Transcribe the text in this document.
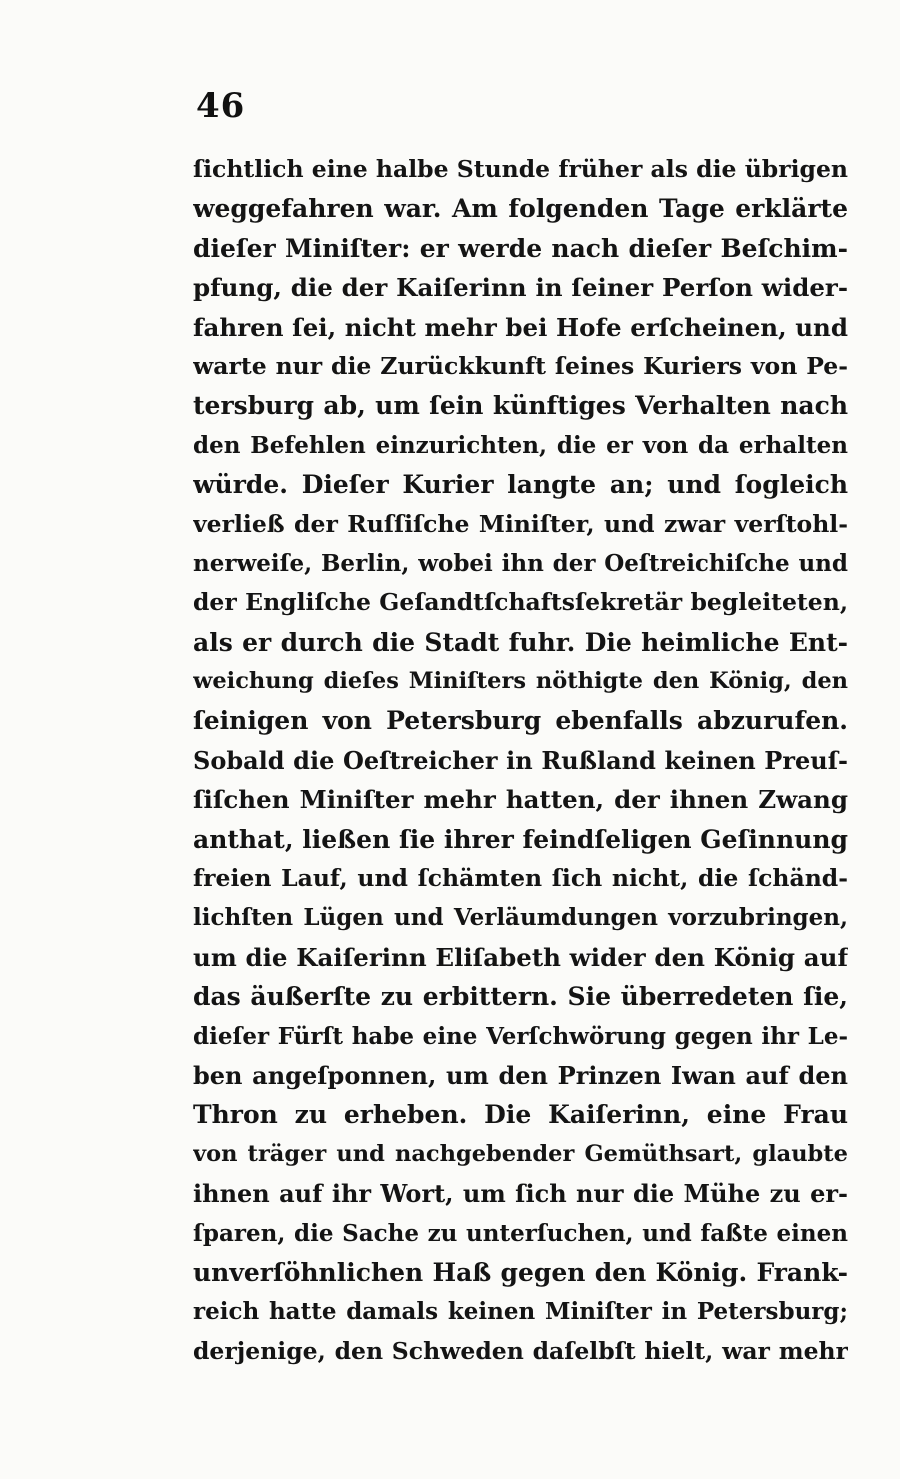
46
ſichtlich eine halbe Stunde früher als die übrigen
weggefahren war. Am folgenden Tage erklärte
dieſer Miniſter: er werde nach dieſer Beſchim-
pfung, die der Kaiſerinn in ſeiner Perſon wider-
fahren ſei, nicht mehr bei Hofe erſcheinen, und
warte nur die Zurückkunft ſeines Kuriers von Pe-
tersburg ab, um ſein künftiges Verhalten nach
den Befehlen einzurichten, die er von da erhalten
würde. Dieſer Kurier langte an; und ſogleich
verließ der Ruſſiſche Miniſter, und zwar verſtohl-
nerweiſe, Berlin, wobei ihn der Oeſtreichiſche und
der Engliſche Geſandtſchaftsſekretär begleiteten,
als er durch die Stadt fuhr. Die heimliche Ent-
weichung dieſes Miniſters nöthigte den König, den
ſeinigen von Petersburg ebenfalls abzurufen.
Sobald die Oeſtreicher in Rußland keinen Preuſ-
ſiſchen Miniſter mehr hatten, der ihnen Zwang
anthat, ließen ſie ihrer feindſeligen Geſinnung
freien Lauf, und ſchämten ſich nicht, die ſchänd-
lichſten Lügen und Verläumdungen vorzubringen,
um die Kaiſerinn Eliſabeth wider den König auf
das äußerſte zu erbittern. Sie überredeten ſie,
dieſer Fürſt habe eine Verſchwörung gegen ihr Le-
ben angeſponnen, um den Prinzen Iwan auf den
Thron zu erheben. Die Kaiſerinn, eine Frau
von träger und nachgebender Gemüthsart, glaubte
ihnen auf ihr Wort, um ſich nur die Mühe zu er-
ſparen, die Sache zu unterſuchen, und faßte einen
unverſöhnlichen Haß gegen den König. Frank-
reich hatte damals keinen Miniſter in Petersburg;
derjenige, den Schweden daſelbſt hielt, war mehr
